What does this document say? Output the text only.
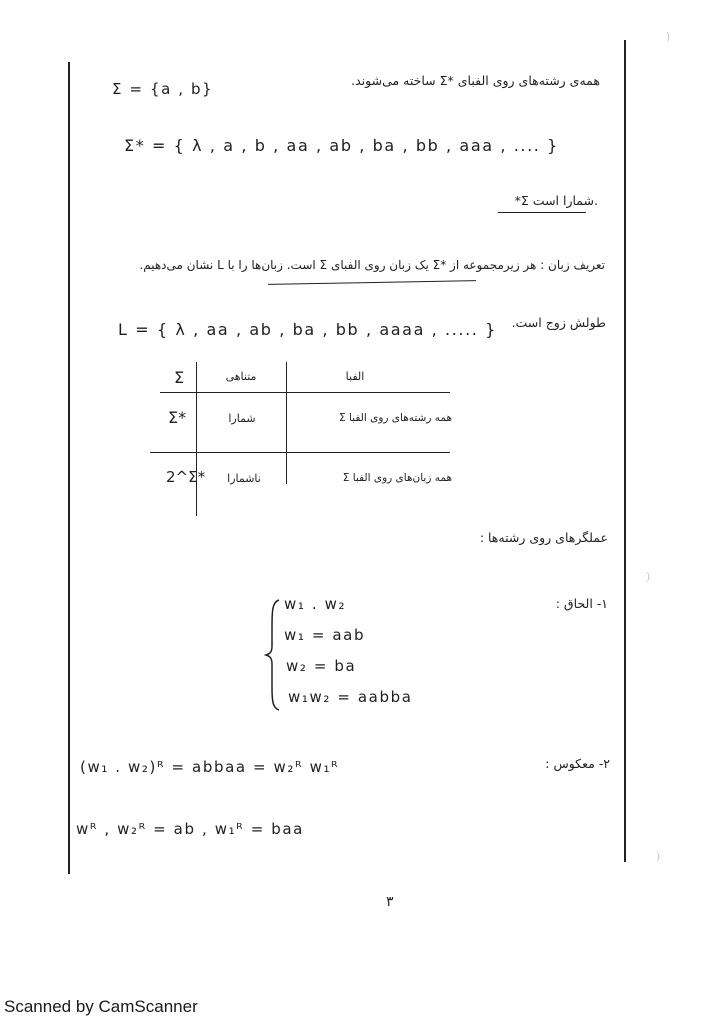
Σ = {a , b}	همه‌ی رشته‌های روی الفبای *Σ ساخته می‌شوند.
Σ* = { λ , a , b , aa , ab , ba , bb , aaa , .... }
*Σ شمارا است.
تعریف زبان : هر زیرمجموعه از *Σ یک زبان روی الفبای Σ است. زبان‌ها را با L نشان می‌دهیم.
L = { λ , aa , ab , ba , bb , aaaa , ..... } طولش زوج است.
Σ	متناهی	الفبا
Σ*	شمارا	همه رشته‌های روی الفبا Σ
2^Σ*	ناشمارا	همه زبان‌های روی الفبا Σ
عملگرهای روی رشته‌ها :
۱- الحاق :
w₁ . w₂
w₁ = aab
w₂ = ba
w₁w₂ = aabba
۲- معکوس :
(w₁ . w₂)ᴿ = abbaa = w₂ᴿ w₁ᴿ
wᴿ , w₂ᴿ = ab , w₁ᴿ = baa
۳
)
)
)
Scanned by CamScanner
